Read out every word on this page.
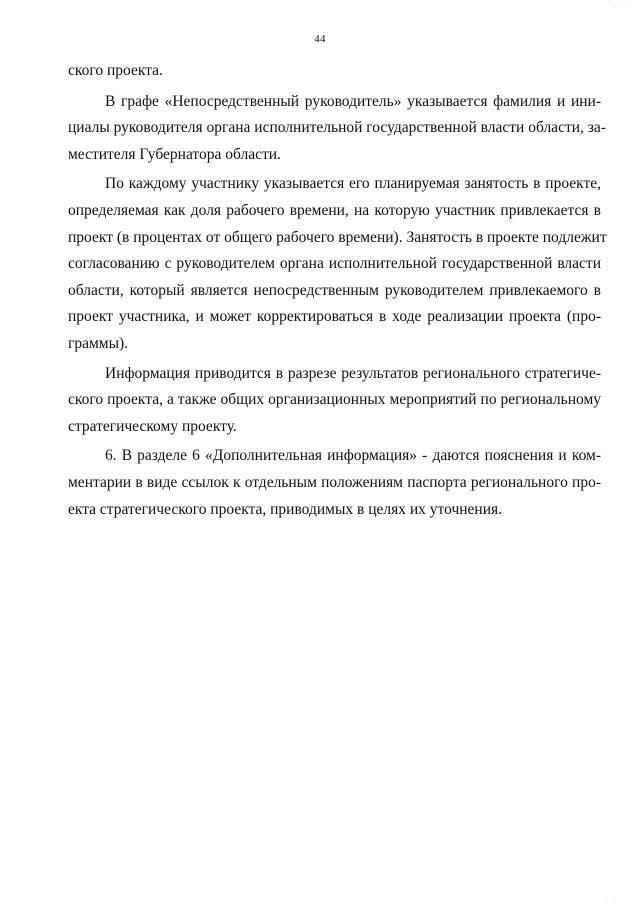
· · ·
44
ского проекта.
В графе «Непосредственный руководитель» указывается фамилия и ини-
циалы руководителя органа исполнительной государственной власти области, за-
местителя Губернатора области.
По каждому участнику указывается его планируемая занятость в проекте,
определяемая как доля рабочего времени, на которую участник привлекается в
проект (в процентах от общего рабочего времени). Занятость в проекте подлежит
согласованию с руководителем органа исполнительной государственной власти
области, который является непосредственным руководителем привлекаемого в
проект участника, и может корректироваться в ходе реализации проекта (про-
граммы).
Информация приводится в разрезе результатов регионального стратегиче-
ского проекта, а также общих организационных мероприятий по региональному
стратегическому проекту.
6. В разделе 6 «Дополнительная информация» - даются пояснения и ком-
ментарии в виде ссылок к отдельным положениям паспорта регионального про-
екта стратегического проекта, приводимых в целях их уточнения.
· ·
